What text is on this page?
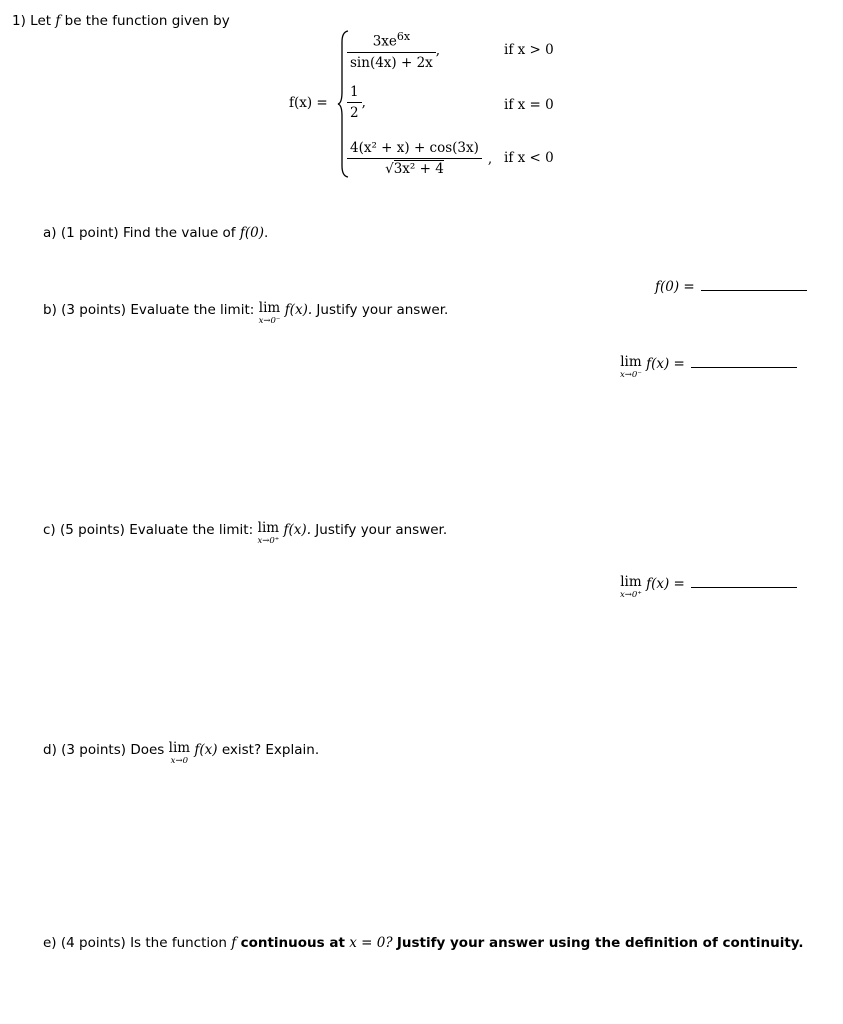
1) Let f be the function given by
f(x) =
$\frac{3xe^{6x}}{\sin(4x) + 2x}$ ,	if x > 0
$\frac{1}{2}$ ,	if x = 0
$\frac{\text{4(x² + x) + cos(3x)}}{\text{√3x² + 4}}$ , if x < 0
a) (1 point) Find the value of f(0).
f(0) =
b) (3 points) Evaluate the limit: lim
x→0⁻
f(x). Justify your answer.
lim
x→0⁻
f(x) =
c) (5 points) Evaluate the limit: lim
x→0⁺
f(x). Justify your answer.
lim
x→0⁺
f(x) =
d) (3 points) Does lim
x→0
f(x) exist? Explain.
e) (4 points) Is the function f continuous at x = 0? Justify your answer using the definition of continuity.
